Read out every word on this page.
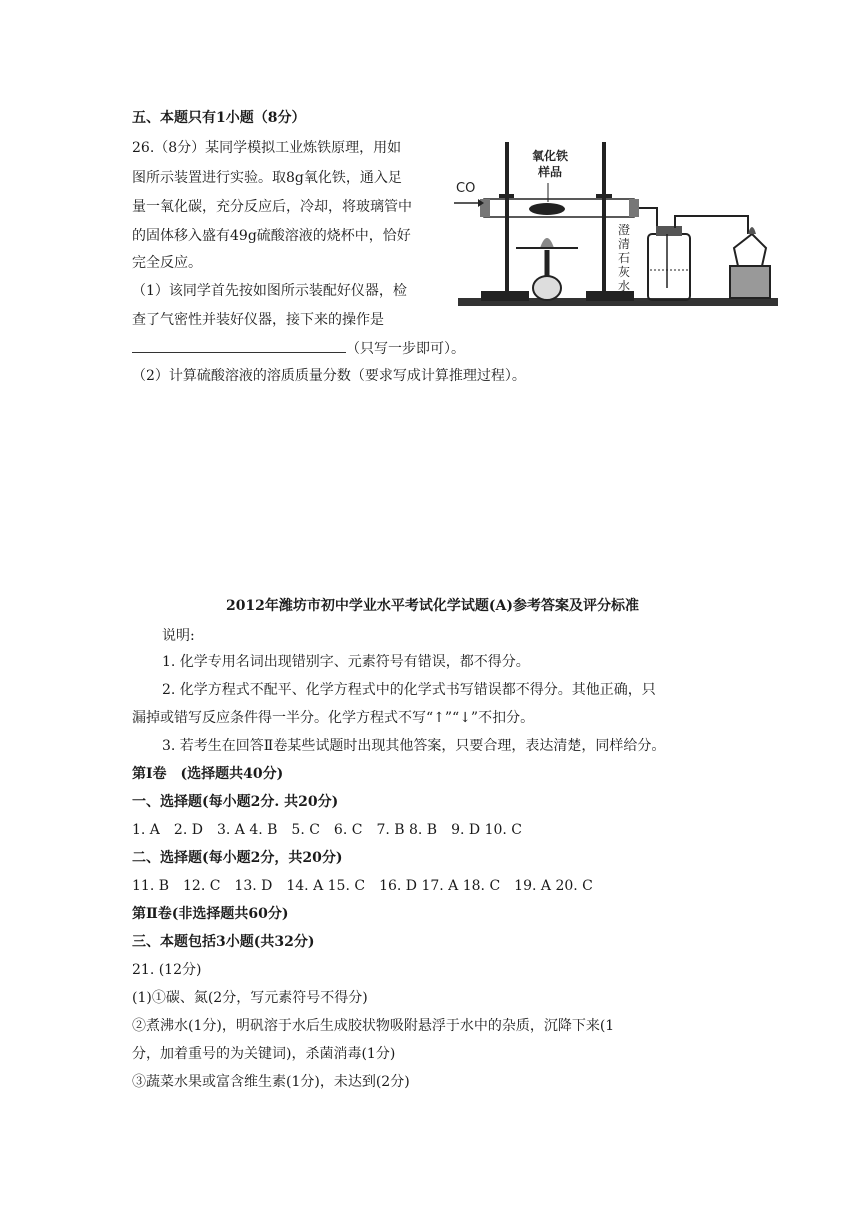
五、本题只有1小题（8分）
26.（8分）某同学模拟工业炼铁原理，用如
图所示装置进行实验。取8g氧化铁，通入足
量一氧化碳，充分反应后，冷却，将玻璃管中
的固体移入盛有49g硫酸溶液的烧杯中，恰好
完全反应。
（1）该同学首先按如图所示装配好仪器，检
查了气密性并装好仪器，接下来的操作是
（只写一步即可）。
（2）计算硫酸溶液的溶质质量分数（要求写成计算推理过程）。
CO
氧化铁
样品
澄
清
石
灰
水
2012年潍坊市初中学业水平考试化学试题(A)参考答案及评分标准
说明:
1. 化学专用名词出现错别字、元素符号有错误，都不得分。
2. 化学方程式不配平、化学方程式中的化学式书写错误都不得分。其他正确，只
漏掉或错写反应条件得一半分。化学方程式不写“↑”“↓”不扣分。
3. 若考生在回答Ⅱ卷某些试题时出现其他答案，只要合理，表达清楚，同样给分。
第Ⅰ卷　(选择题共40分)
一、选择题(每小题2分. 共20分)
1. A　2. D　3. A 4. B　5. C　6. C　7. B 8. B　9. D 10. C
二、选择题(每小题2分，共20分)
11. B　12. C　13. D　14. A 15. C　16. D 17. A 18. C　19. A 20. C
第Ⅱ卷(非选择题共60分)
三、本题包括3小题(共32分)
21. (12分)
(1)①碳、氮(2分，写元素符号不得分)
②煮沸水(1分)，明矾溶于水后生成胶状物吸附悬浮于水中的杂质，沉降下来(1
分，加着重号的为关键词)，杀菌消毒(1分)
③蔬菜水果或富含维生素(1分)，未达到(2分)
